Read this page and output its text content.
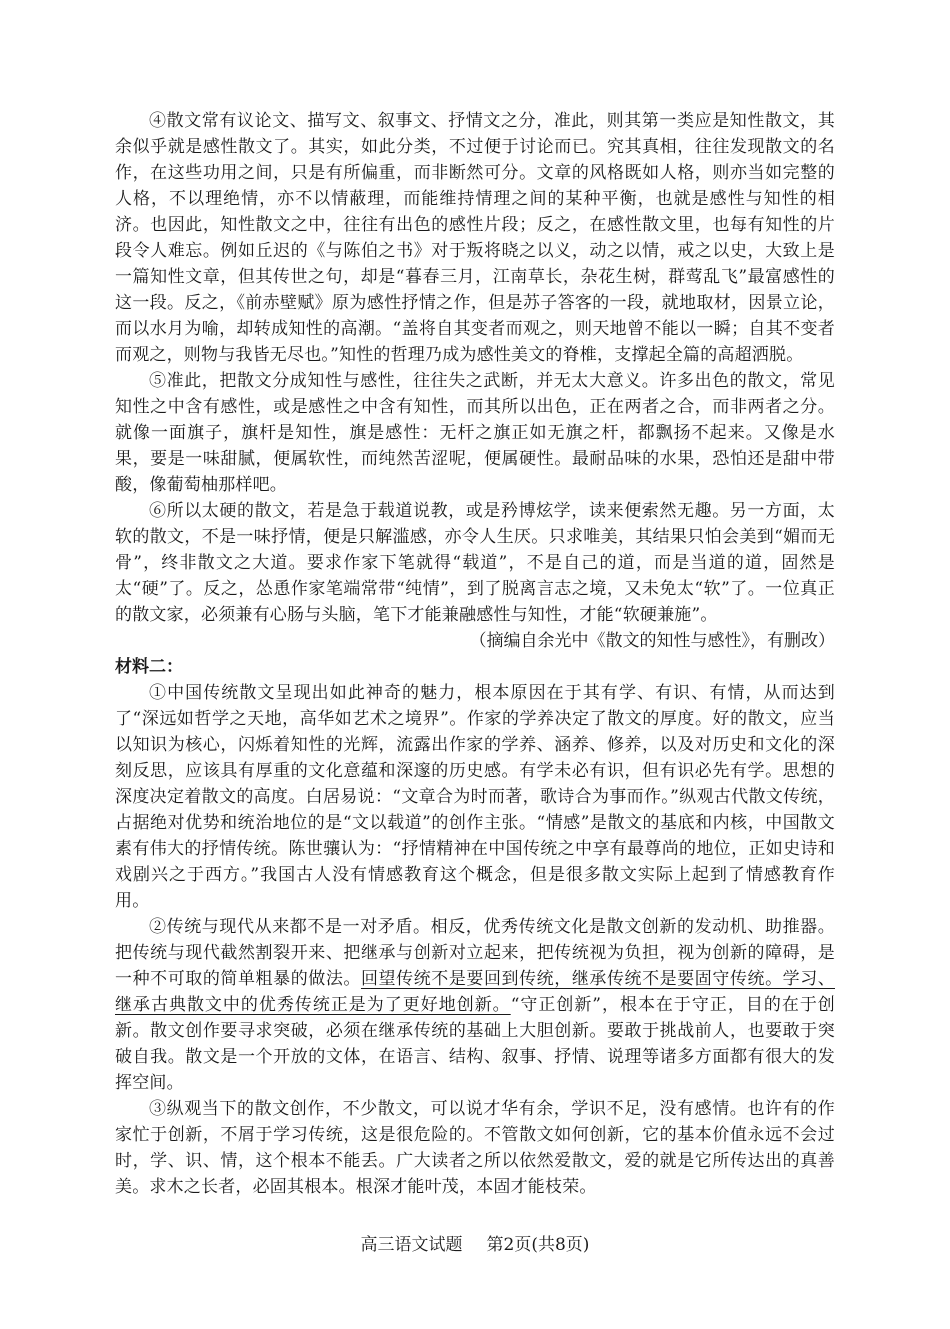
④散文常有议论文、描写文、叙事文、抒情文之分，准此，则其第一类应是知性散文，其余似乎就是感性散文了。其实，如此分类，不过便于讨论而已。究其真相，往往发现散文的名作，在这些功用之间，只是有所偏重，而非断然可分。文章的风格既如人格，则亦当如完整的人格，不以理绝情，亦不以情蔽理，而能维持情理之间的某种平衡，也就是感性与知性的相济。也因此，知性散文之中，往往有出色的感性片段；反之，在感性散文里，也每有知性的片段令人难忘。例如丘迟的《与陈伯之书》对于叛将晓之以义，动之以情，戒之以史，大致上是一篇知性文章，但其传世之句，却是“暮春三月，江南草长，杂花生树，群莺乱飞”最富感性的这一段。反之，《前赤壁赋》原为感性抒情之作，但是苏子答客的一段，就地取材，因景立论，而以水月为喻，却转成知性的高潮。“盖将自其变者而观之，则天地曾不能以一瞬；自其不变者而观之，则物与我皆无尽也。”知性的哲理乃成为感性美文的脊椎，支撑起全篇的高超洒脱。

⑤准此，把散文分成知性与感性，往往失之武断，并无太大意义。许多出色的散文，常见知性之中含有感性，或是感性之中含有知性，而其所以出色，正在两者之合，而非两者之分。就像一面旗子，旗杆是知性，旗是感性：无杆之旗正如无旗之杆，都飘扬不起来。又像是水果，要是一味甜腻，便属软性，而纯然苦涩呢，便属硬性。最耐品味的水果，恐怕还是甜中带酸，像葡萄柚那样吧。

⑥所以太硬的散文，若是急于载道说教，或是矜博炫学，读来便索然无趣。另一方面，太软的散文，不是一味抒情，便是只解滥感，亦令人生厌。只求唯美，其结果只怕会美到“媚而无骨”，终非散文之大道。要求作家下笔就得“载道”，不是自己的道，而是当道的道，固然是太“硬”了。反之，怂恿作家笔端常带“纯情”，到了脱离言志之境，又未免太“软”了。一位真正的散文家，必须兼有心肠与头脑，笔下才能兼融感性与知性，才能“软硬兼施”。

（摘编自余光中《散文的知性与感性》，有删改）

材料二：

①中国传统散文呈现出如此神奇的魅力，根本原因在于其有学、有识、有情，从而达到了“深远如哲学之天地，高华如艺术之境界”。作家的学养决定了散文的厚度。好的散文，应当以知识为核心，闪烁着知性的光辉，流露出作家的学养、涵养、修养，以及对历史和文化的深刻反思，应该具有厚重的文化意蕴和深邃的历史感。有学未必有识，但有识必先有学。思想的深度决定着散文的高度。白居易说：“文章合为时而著，歌诗合为事而作。”纵观古代散文传统，占据绝对优势和统治地位的是“文以载道”的创作主张。“情感”是散文的基底和内核，中国散文素有伟大的抒情传统。陈世骧认为：“抒情精神在中国传统之中享有最尊尚的地位，正如史诗和戏剧兴之于西方。”我国古人没有情感教育这个概念，但是很多散文实际上起到了情感教育作用。

②传统与现代从来都不是一对矛盾。相反，优秀传统文化是散文创新的发动机、助推器。把传统与现代截然割裂开来、把继承与创新对立起来，把传统视为负担，视为创新的障碍，是一种不可取的简单粗暴的做法。回望传统不是要回到传统，继承传统不是要固守传统。学习、继承古典散文中的优秀传统正是为了更好地创新。“守正创新”，根本在于守正，目的在于创新。散文创作要寻求突破，必须在继承传统的基础上大胆创新。要敢于挑战前人，也要敢于突破自我。散文是一个开放的文体，在语言、结构、叙事、抒情、说理等诸多方面都有很大的发挥空间。

③纵观当下的散文创作，不少散文，可以说才华有余，学识不足，没有感情。也许有的作家忙于创新，不屑于学习传统，这是很危险的。不管散文如何创新，它的基本价值永远不会过时，学、识、情，这个根本不能丢。广大读者之所以依然爱散文，爱的就是它所传达出的真善美。求木之长者，必固其根本。根深才能叶茂，本固才能枝荣。

高三语文试题 第2页(共8页)
